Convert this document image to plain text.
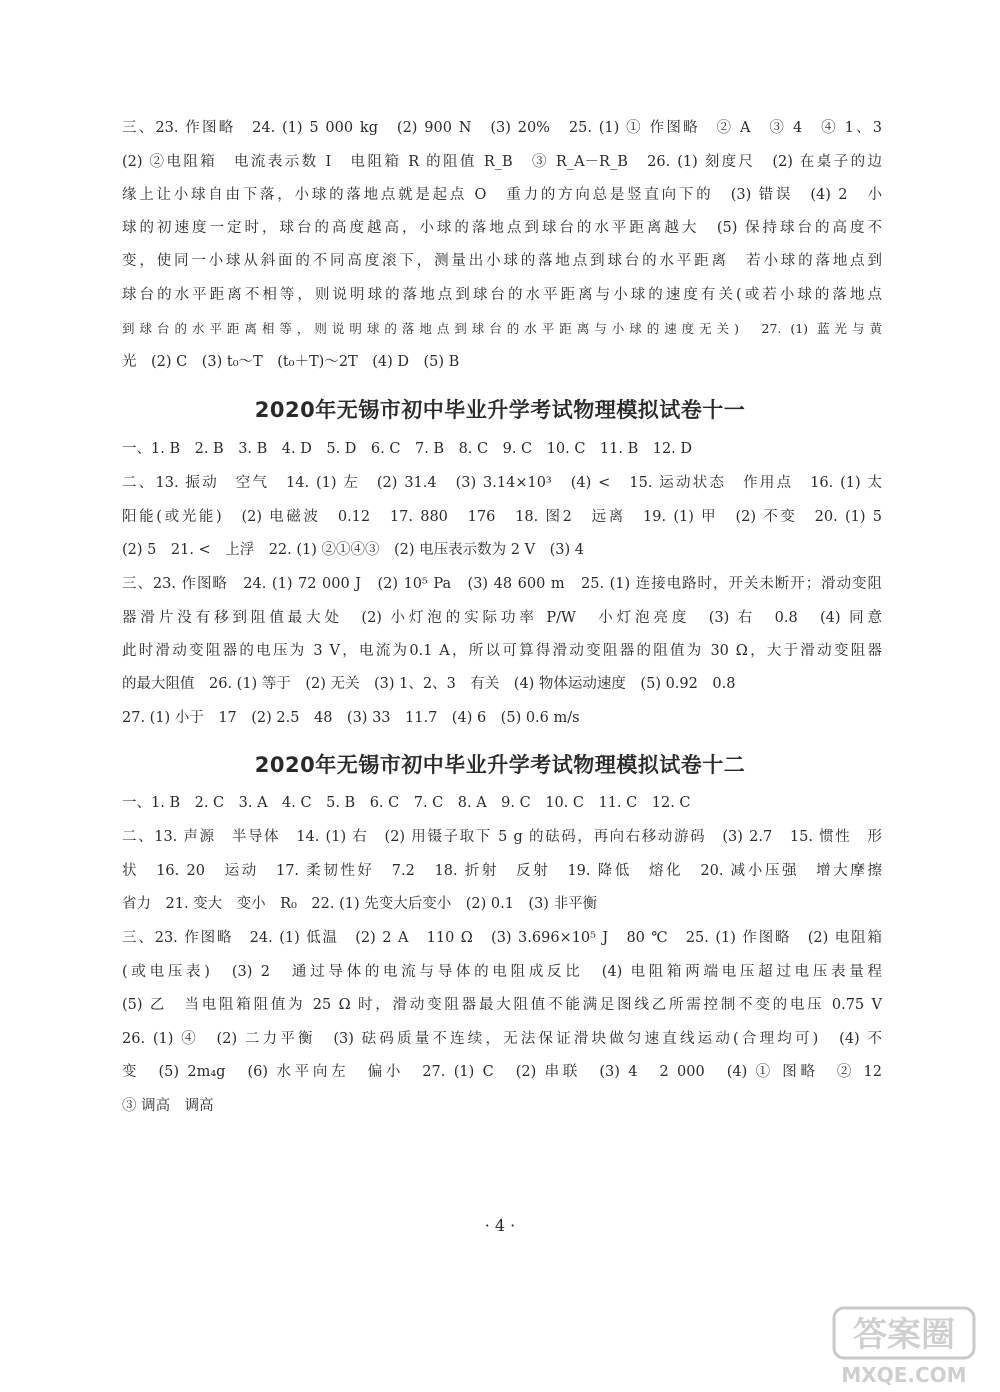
三、23. 作图略　24. (1) 5 000 kg　(2) 900 N　(3) 20%　25. (1) ① 作图略　② A　③ 4　④ 1、3
(2) ②电阻箱　电流表示数 I　电阻箱 R 的阻值 R_B　③ R_A－R_B　26. (1) 刻度尺　(2) 在桌子的边
缘上让小球自由下落，小球的落地点就是起点 O　重力的方向总是竖直向下的　(3) 错误　(4) 2　小
球的初速度一定时，球台的高度越高，小球的落地点到球台的水平距离越大　(5) 保持球台的高度不
变，使同一小球从斜面的不同高度滚下，测量出小球的落地点到球台的水平距离　若小球的落地点到
球台的水平距离不相等，则说明球的落地点到球台的水平距离与小球的速度有关(或若小球的落地点
到球台的水平距离相等，则说明球的落地点到球台的水平距离与小球的速度无关)　27. (1) 蓝光与黄
光　(2) C　(3) t₀～T　(t₀＋T)～2T　(4) D　(5) B
2020年无锡市初中毕业升学考试物理模拟试卷十一
一、1. B　2. B　3. B　4. D　5. D　6. C　7. B　8. C　9. C　10. C　11. B　12. D
二、13. 振动　空气　14. (1) 左　(2) 31.4　(3) 3.14×10³　(4) <　15. 运动状态　作用点　16. (1) 太
阳能(或光能)　(2) 电磁波　0.12　17. 880　176　18. 图2　远离　19. (1) 甲　(2) 不变　20. (1) 5
(2) 5　21. <　上浮　22. (1) ②①④③　(2) 电压表示数为 2 V　(3) 4
三、23. 作图略　24. (1) 72 000 J　(2) 10⁵ Pa　(3) 48 600 m　25. (1) 连接电路时，开关未断开；滑动变阻
器滑片没有移到阻值最大处　(2) 小灯泡的实际功率 P/W　小灯泡亮度　(3) 右　0.8　(4) 同意
此时滑动变阻器的电压为 3 V，电流为0.1 A，所以可算得滑动变阻器的阻值为 30 Ω，大于滑动变阻器
的最大阻值　26. (1) 等于　(2) 无关　(3) 1、2、3　有关　(4) 物体运动速度　(5) 0.92　0.8
27. (1) 小于　17　(2) 2.5　48　(3) 33　11.7　(4) 6　(5) 0.6 m/s
2020年无锡市初中毕业升学考试物理模拟试卷十二
一、1. B　2. C　3. A　4. C　5. B　6. C　7. C　8. A　9. C　10. C　11. C　12. C
二、13. 声源　半导体　14. (1) 右　(2) 用镊子取下 5 g 的砝码，再向右移动游码　(3) 2.7　15. 惯性　形
状　16. 20　运动　17. 柔韧性好　7.2　18. 折射　反射　19. 降低　熔化　20. 减小压强　增大摩擦
省力　21. 变大　变小　R₀　22. (1) 先变大后变小　(2) 0.1　(3) 非平衡
三、23. 作图略　24. (1) 低温　(2) 2 A　110 Ω　(3) 3.696×10⁵ J　80 ℃　25. (1) 作图略　(2) 电阻箱
(或电压表)　(3) 2　通过导体的电流与导体的电阻成反比　(4) 电阻箱两端电压超过电压表量程
(5) 乙　当电阻箱阻值为 25 Ω 时，滑动变阻器最大阻值不能满足图线乙所需控制不变的电压 0.75 V
26. (1) ④　(2) 二力平衡　(3) 砝码质量不连续，无法保证滑块做匀速直线运动(合理均可)　(4) 不
变　(5) 2m₄g　(6) 水平向左　偏小　27. (1) C　(2) 串联　(3) 4　2 000　(4) ① 图略　② 12
③ 调高　调高
· 4 ·
答案圈
MXQE.COM
